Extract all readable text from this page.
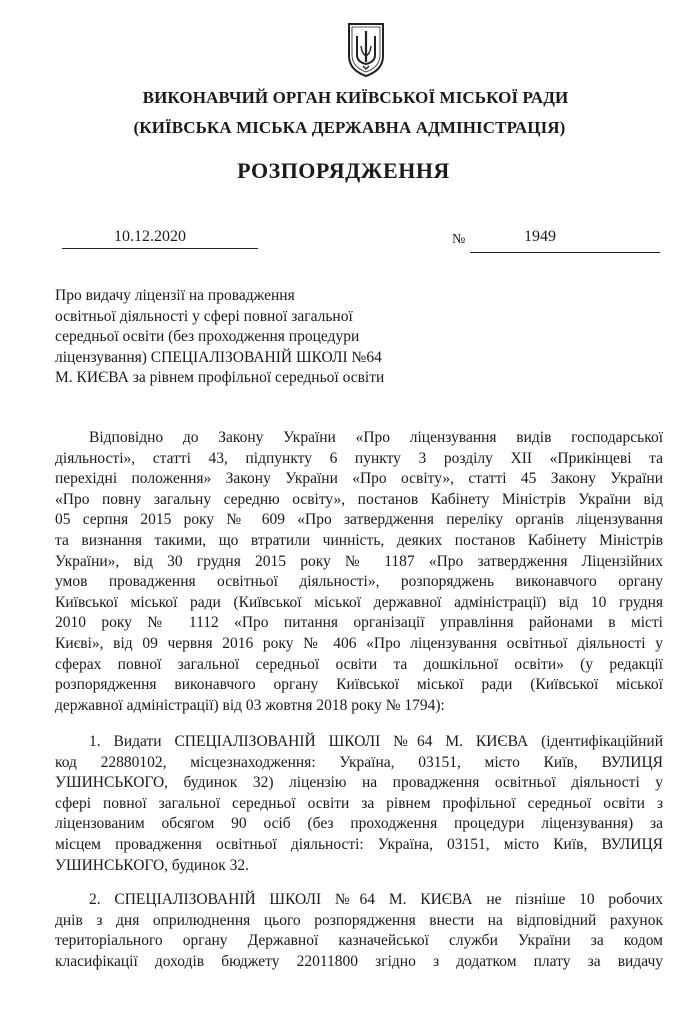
ВИКОНАВЧИЙ ОРГАН КИЇВСЬКОЇ МІСЬКОЇ РАДИ
(КИЇВСЬКА МІСЬКА ДЕРЖАВНА АДМІНІСТРАЦІЯ)
РОЗПОРЯДЖЕННЯ
10.12.2020	№	1949
Про видачу ліцензії на провадження
освітньої діяльності у сфері повної загальної
середньої освіти (без проходження процедури
ліцензування) СПЕЦІАЛІЗОВАНІЙ ШКОЛІ №64
М. КИЄВА за рівнем профільної середньої освіти
Відповідно до Закону України «Про ліцензування видів господарської
діяльності», статті 43, підпункту 6 пункту 3 розділу XII «Прикінцеві та
перехідні положення» Закону України «Про освіту», статті 45 Закону України
«Про повну загальну середню освіту», постанов Кабінету Міністрів України від
05 серпня 2015 року № 609 «Про затвердження переліку органів ліцензування
та визнання такими, що втратили чинність, деяких постанов Кабінету Міністрів
України», від 30 грудня 2015 року № 1187 «Про затвердження Ліцензійних
умов провадження освітньої діяльності», розпоряджень виконавчого органу
Київської міської ради (Київської міської державної адміністрації) від 10 грудня
2010 року № 1112 «Про питання організації управління районами в місті
Києві», від 09 червня 2016 року № 406 «Про ліцензування освітньої діяльності у
сферах повної загальної середньої освіти та дошкільної освіти» (у редакції
розпорядження виконавчого органу Київської міської ради (Київської міської
державної адміністрації) від 03 жовтня 2018 року № 1794):
1. Видати СПЕЦІАЛІЗОВАНІЙ ШКОЛІ №64 М. КИЄВА (ідентифікаційний
код 22880102, місцезнаходження: Україна, 03151, місто Київ, ВУЛИЦЯ
УШИНСЬКОГО, будинок 32) ліцензію на провадження освітньої діяльності у
сфері повної загальної середньої освіти за рівнем профільної середньої освіти з
ліцензованим обсягом 90 осіб (без проходження процедури ліцензування) за
місцем провадження освітньої діяльності: Україна, 03151, місто Київ, ВУЛИЦЯ
УШИНСЬКОГО, будинок 32.
2. СПЕЦІАЛІЗОВАНІЙ ШКОЛІ №64 М. КИЄВА не пізніше 10 робочих
днів з дня оприлюднення цього розпорядження внести на відповідний рахунок
територіального органу Державної казначейської служби України за кодом
класифікації доходів бюджету 22011800 згідно з додатком плату за видачу
